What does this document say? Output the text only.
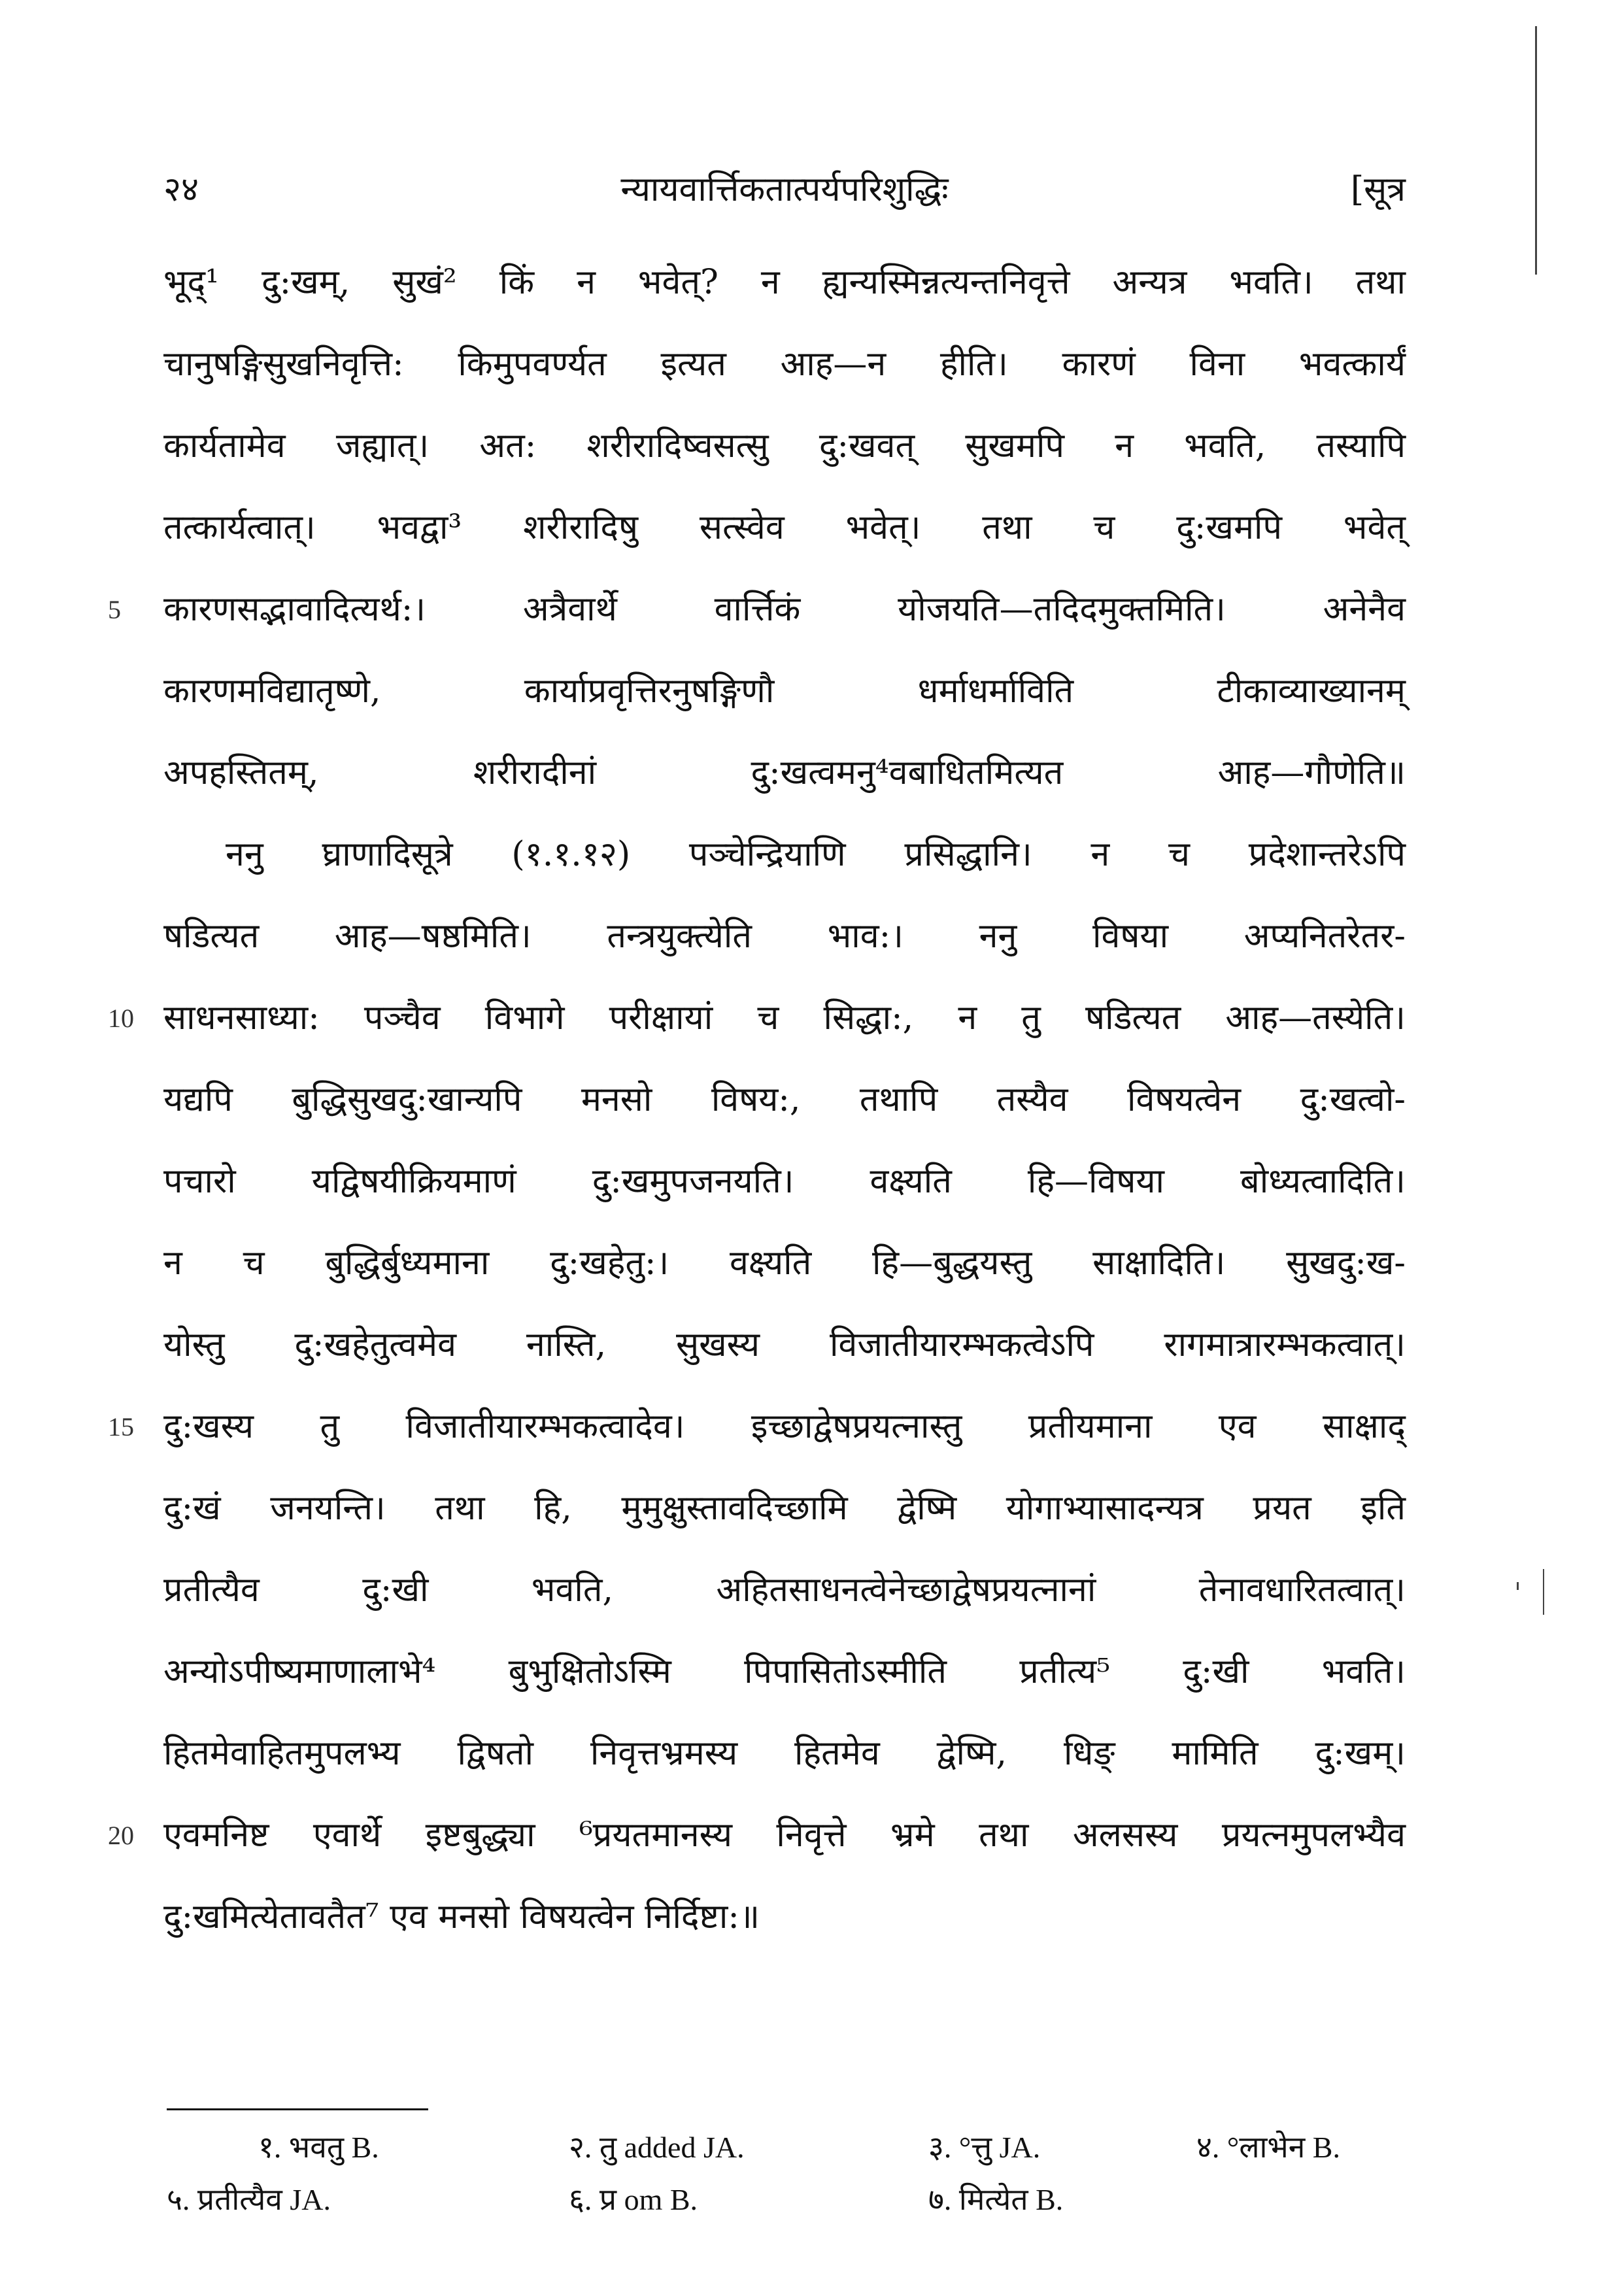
२४	न्यायवार्त्तिकतात्पर्यपरिशुद्धिः	[सूत्र
भूद्¹ दु:खम्, सुखं² किं न भवेत्? न ह्यन्यस्मिन्नत्यन्तनिवृत्ते अन्यत्र भवति। तथा
चानुषङ्गिसुखनिवृत्ति: किमुपवर्ण्यत इत्यत आह—न हीति। कारणं विना भवत्कार्यं
कार्यतामेव जह्यात्। अत: शरीरादिष्वसत्सु दु:खवत् सुखमपि न भवति, तस्यापि
तत्कार्यत्वात्। भवद्वा³ शरीरादिषु सत्स्वेव भवेत्। तथा च दु:खमपि भवेत्
5 कारणसद्भावादित्यर्थ:। अत्रैवार्थे वार्त्तिकं योजयति—तदिदमुक्तमिति। अनेनैव
कारणमविद्यातृष्णे, कार्याप्रवृत्तिरनुषङ्गिणौ धर्माधर्माविति टीकाव्याख्यानम्
अपहस्तितम्, शरीरादीनां दु:खत्वमनु⁴वबाधितमित्यत आह—गौणेति॥
ननु घ्राणादिसूत्रे (१.१.१२) पञ्चेन्द्रियाणि प्रसिद्धानि। न च प्रदेशान्तरेऽपि
षडित्यत आह—षष्ठमिति। तन्त्रयुक्त्येति भाव:। ननु विषया अप्यनितरेतर-
10 साधनसाध्या: पञ्चैव विभागे परीक्षायां च सिद्धा:, न तु षडित्यत आह—तस्येति।
यद्यपि बुद्धिसुखदु:खान्यपि मनसो विषय:, तथापि तस्यैव विषयत्वेन दु:खत्वो-
पचारो यद्विषयीक्रियमाणं दु:खमुपजनयति। वक्ष्यति हि—विषया बोध्यत्वादिति।
न च बुद्धिर्बुध्यमाना दु:खहेतु:। वक्ष्यति हि—बुद्धयस्तु साक्षादिति। सुखदु:ख-
योस्तु दु:खहेतुत्वमेव नास्ति, सुखस्य विजातीयारम्भकत्वेऽपि रागमात्रारम्भकत्वात्।
15 दु:खस्य तु विजातीयारम्भकत्वादेव। इच्छाद्वेषप्रयत्नास्तु प्रतीयमाना एव साक्षाद्
दु:खं जनयन्ति। तथा हि, मुमुक्षुस्तावदिच्छामि द्वेष्मि योगाभ्यासादन्यत्र प्रयत इति
प्रतीत्यैव दु:खी भवति, अहितसाधनत्वेनेच्छाद्वेषप्रयत्नानां तेनावधारितत्वात्।
अन्योऽपीष्यमाणालाभे⁴ बुभुक्षितोऽस्मि पिपासितोऽस्मीति प्रतीत्य⁵ दु:खी भवति।
हितमेवाहितमुपलभ्य द्विषतो निवृत्तभ्रमस्य हितमेव द्वेष्मि, धिङ् मामिति दु:खम्।
20 एवमनिष्ट एवार्थे इष्टबुद्ध्या ⁶प्रयतमानस्य निवृत्ते भ्रमे तथा अलसस्य प्रयत्नमुपलभ्यैव
दु:खमित्येतावतैत⁷ एव मनसो विषयत्वेन निर्दिष्टा:॥
१. भवतु B.	२. तु added JA.	३. °त्तु JA.	४. °लाभेन B.
५. प्रतीत्यैव JA.	६. प्र om B.	७. मित्येत B.
